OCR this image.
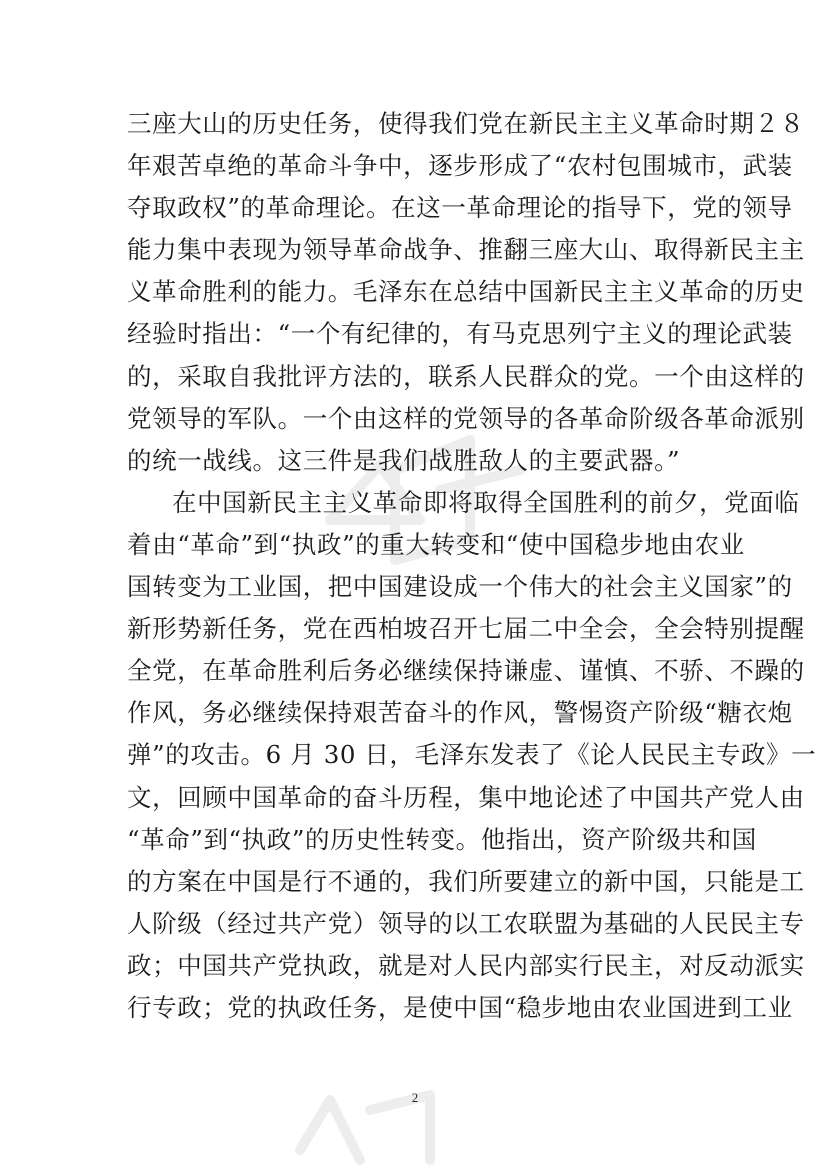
三座大山的历史任务，使得我们党在新民主主义革命时期２８
年艰苦卓绝的革命斗争中，逐步形成了“农村包围城市，武装
夺取政权”的革命理论。在这一革命理论的指导下，党的领导
能力集中表现为领导革命战争、推翻三座大山、取得新民主主
义革命胜利的能力。毛泽东在总结中国新民主主义革命的历史
经验时指出：“一个有纪律的，有马克思列宁主义的理论武装
的，采取自我批评方法的，联系人民群众的党。一个由这样的
党领导的军队。一个由这样的党领导的各革命阶级各革命派别
的统一战线。这三件是我们战胜敌人的主要武器。”
在中国新民主主义革命即将取得全国胜利的前夕，党面临
着由“革命”到“执政”的重大转变和“使中国稳步地由农业
国转变为工业国，把中国建设成一个伟大的社会主义国家”的
新形势新任务，党在西柏坡召开七届二中全会，全会特别提醒
全党，在革命胜利后务必继续保持谦虚、谨慎、不骄、不躁的
作风，务必继续保持艰苦奋斗的作风，警惕资产阶级“糖衣炮
弹”的攻击。6 月 30 日，毛泽东发表了《论人民民主专政》一
文，回顾中国革命的奋斗历程，集中地论述了中国共产党人由
“革命”到“执政”的历史性转变。他指出，资产阶级共和国
的方案在中国是行不通的，我们所要建立的新中国，只能是工
人阶级（经过共产党）领导的以工农联盟为基础的人民民主专
政；中国共产党执政，就是对人民内部实行民主，对反动派实
行专政；党的执政任务，是使中国“稳步地由农业国进到工业
2
